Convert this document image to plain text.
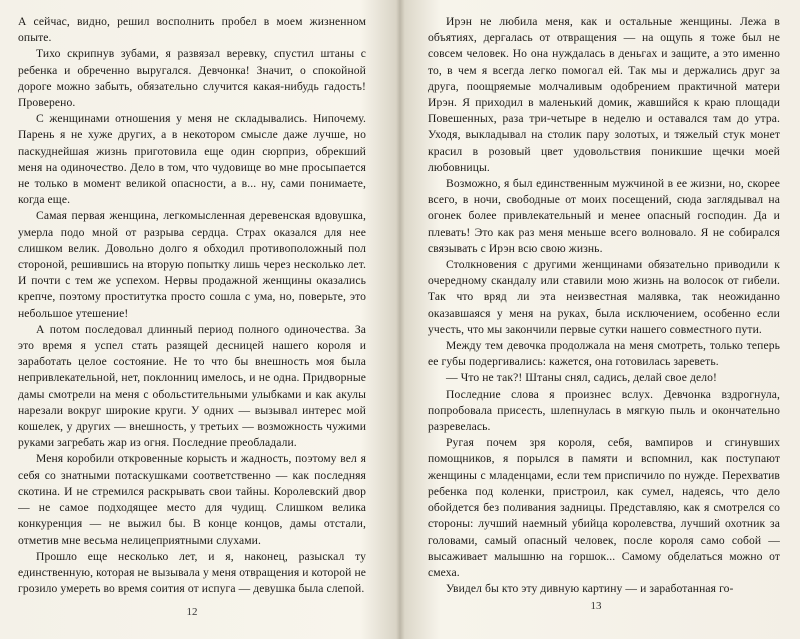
А сейчас, видно, решил восполнить пробел в моем жизненном опыте.

Тихо скрипнув зубами, я развязал веревку, спустил штаны с ребенка и обреченно выругался. Девчонка! Значит, о спокойной дороге можно забыть, обязательно случится какая-нибудь гадость! Проверено.

С женщинами отношения у меня не складывались. Нипочему. Парень я не хуже других, а в некотором смысле даже лучше, но паскуднейшая жизнь приготовила еще один сюрприз, обрекший меня на одиночество. Дело в том, что чудовище во мне просыпается не только в момент великой опасности, а в... ну, сами понимаете, когда еще.

Самая первая женщина, легкомысленная деревенская вдовушка, умерла подо мной от разрыва сердца. Страх оказался для нее слишком велик. Довольно долго я обходил противоположный пол стороной, решившись на вторую попытку лишь через несколько лет. И почти с тем же успехом. Нервы продажной женщины оказались крепче, поэтому проститутка просто сошла с ума, но, поверьте, это небольшое утешение!

А потом последовал длинный период полного одиночества. За это время я успел стать разящей десницей нашего короля и заработать целое состояние. Не то что бы внешность моя была непривлекательной, нет, поклонниц имелось, и не одна. Придворные дамы смотрели на меня с обольстительными улыбками и как акулы нарезали вокруг широкие круги. У одних — вызывал интерес мой кошелек, у других — внешность, у третьих — возможность чужими руками загребать жар из огня. Последние преобладали.

Меня коробили откровенные корысть и жадность, поэтому вел я себя со знатными потаскушками соответственно — как последняя скотина. И не стремился раскрывать свои тайны. Королевский двор — не самое подходящее место для чудищ. Слишком велика конкуренция — не выжил бы. В конце концов, дамы отстали, отметив мне весьма нелицеприятными слухами.

Прошло еще несколько лет, и я, наконец, разыскал ту единственную, которая не вызывала у меня отвращения и которой не грозило умереть во время соития от испуга — девушка была слепой.

12

Ирэн не любила меня, как и остальные женщины. Лежа в объятиях, дергалась от отвращения — на ощупь я тоже был не совсем человек. Но она нуждалась в деньгах и защите, а это именно то, в чем я всегда легко помогал ей. Так мы и держались друг за друга, поощряемые молчаливым одобрением практичной матери Ирэн. Я приходил в маленький домик, жавшийся к краю площади Повешенных, раза три-четыре в неделю и оставался там до утра. Уходя, выкладывал на столик пару золотых, и тяжелый стук монет красил в розовый цвет удовольствия поникшие щечки моей любовницы.

Возможно, я был единственным мужчиной в ее жизни, но, скорее всего, в ночи, свободные от моих посещений, сюда заглядывал на огонек более привлекательный и менее опасный господин. Да и плевать! Это как раз меня меньше всего волновало. Я не собирался связывать с Ирэн всю свою жизнь.

Столкновения с другими женщинами обязательно приводили к очередному скандалу или ставили мою жизнь на волосок от гибели. Так что вряд ли эта неизвестная малявка, так неожиданно оказавшаяся у меня на руках, была исключением, особенно если учесть, что мы закончили первые сутки нашего совместного пути.

Между тем девочка продолжала на меня смотреть, только теперь ее губы подергивались: кажется, она готовилась зареветь.

— Что не так?! Штаны снял, садись, делай свое дело!

Последние слова я произнес вслух. Девчонка вздрогнула, попробовала присесть, шлепнулась в мягкую пыль и окончательно разревелась.

Ругая почем зря короля, себя, вампиров и сгинувших помощников, я порылся в памяти и вспомнил, как поступают женщины с младенцами, если тем приспичило по нужде. Перехватив ребенка под коленки, пристроил, как сумел, надеясь, что дело обойдется без поливания задницы. Представляю, как я смотрелся со стороны: лучший наемный убийца королевства, лучший охотник за головами, самый опасный человек, после короля само собой — высаживает малышню на горшок... Самому обделаться можно от смеха.

Увидел бы кто эту дивную картину — и заработанная го-

13
